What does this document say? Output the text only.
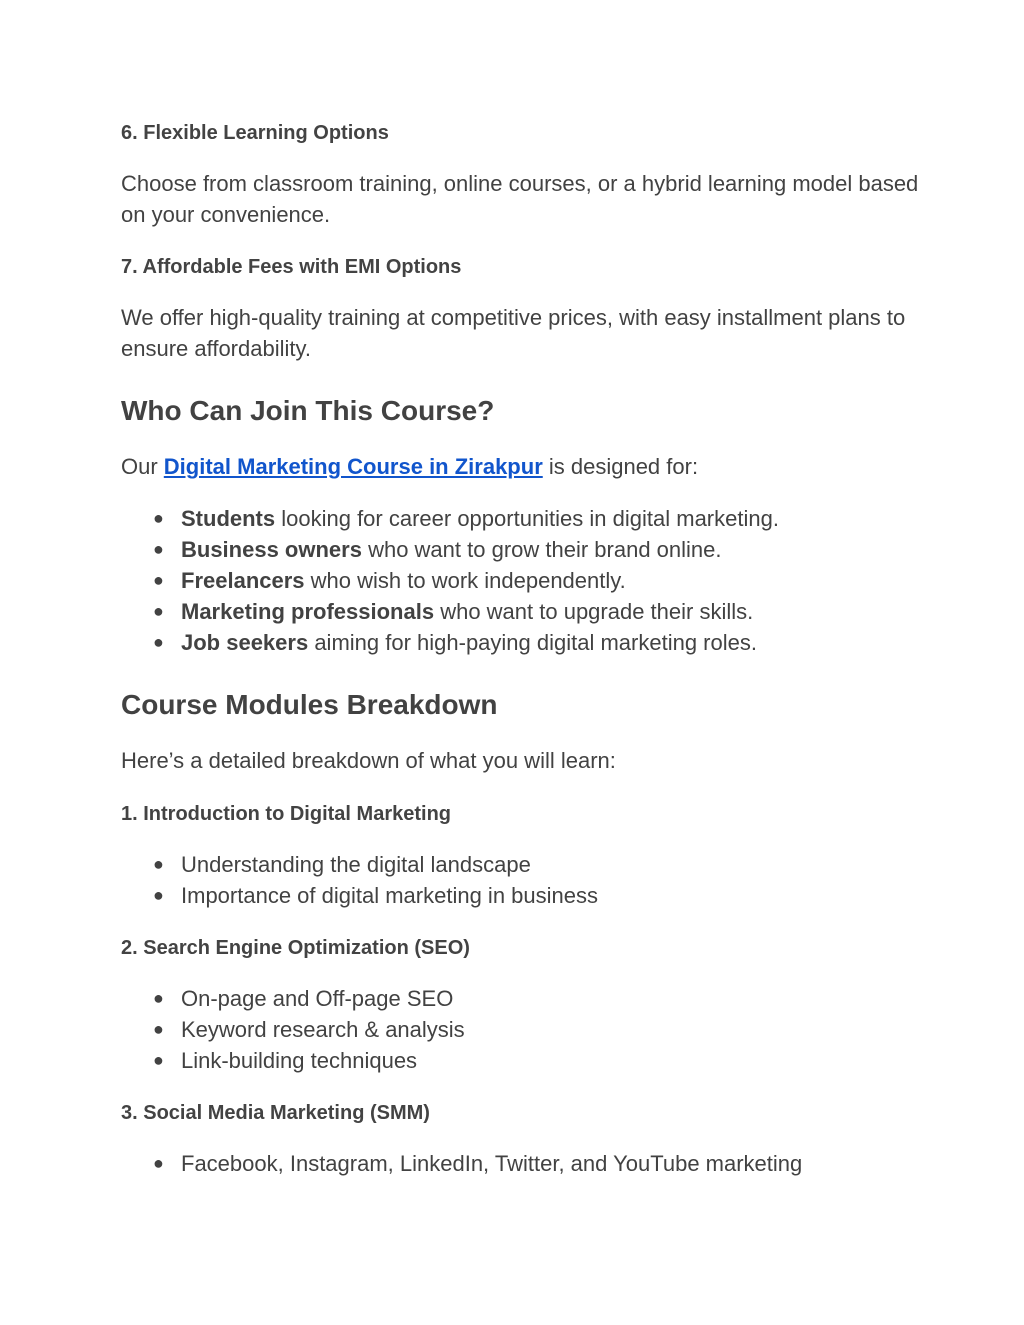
6. Flexible Learning Options
Choose from classroom training, online courses, or a hybrid learning model based on your convenience.
7. Affordable Fees with EMI Options
We offer high-quality training at competitive prices, with easy installment plans to ensure affordability.
Who Can Join This Course?
Our Digital Marketing Course in Zirakpur is designed for:
● Students looking for career opportunities in digital marketing.
● Business owners who want to grow their brand online.
● Freelancers who wish to work independently.
● Marketing professionals who want to upgrade their skills.
● Job seekers aiming for high-paying digital marketing roles.
Course Modules Breakdown
Here’s a detailed breakdown of what you will learn:
1. Introduction to Digital Marketing
● Understanding the digital landscape
● Importance of digital marketing in business
2. Search Engine Optimization (SEO)
● On-page and Off-page SEO
● Keyword research & analysis
● Link-building techniques
3. Social Media Marketing (SMM)
● Facebook, Instagram, LinkedIn, Twitter, and YouTube marketing
